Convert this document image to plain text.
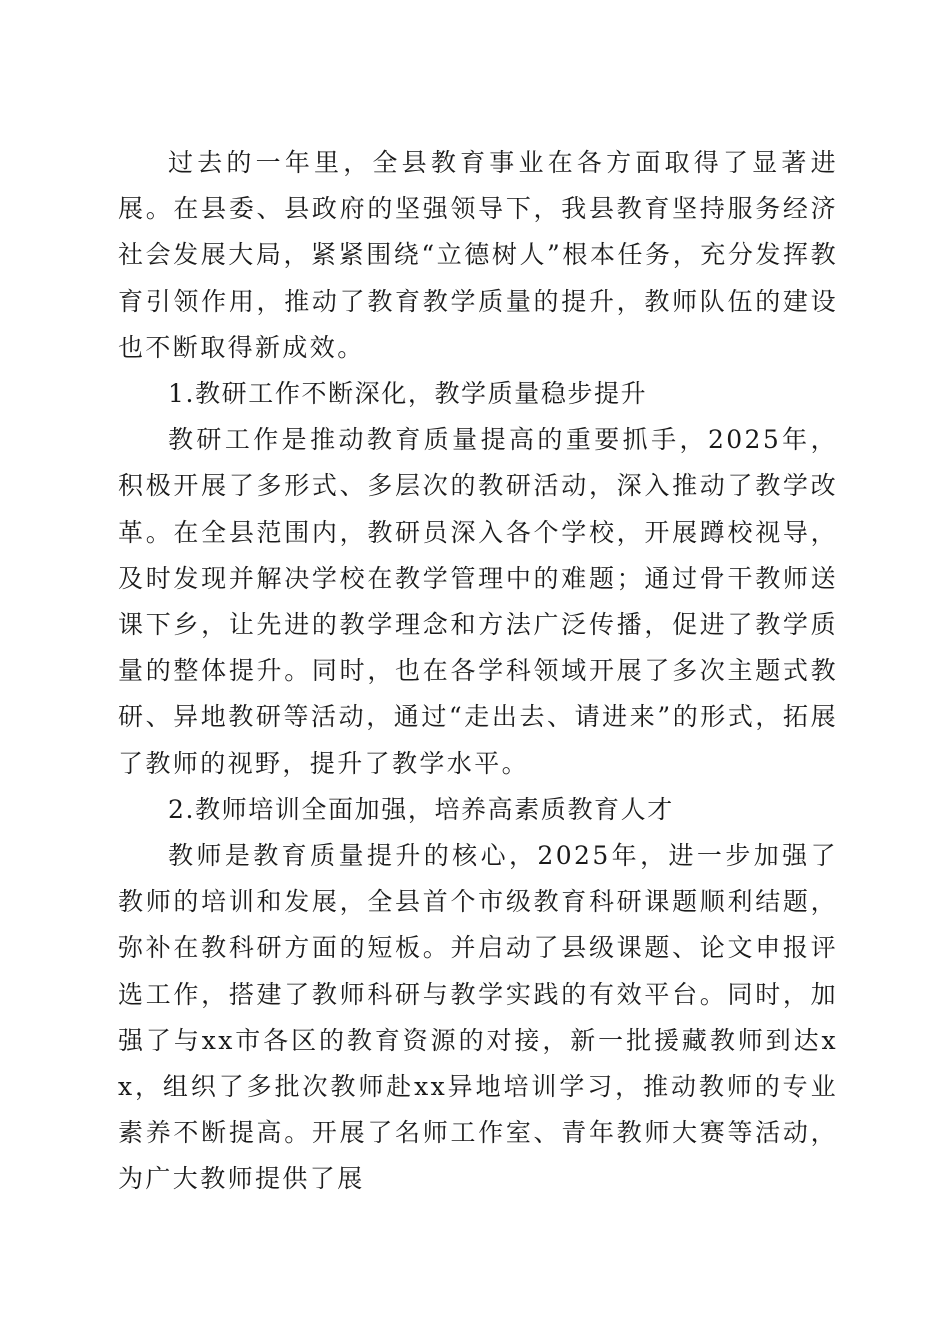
过去的一年里，全县教育事业在各方面取得了显著进展。在县委、县政府的坚强领导下，我县教育坚持服务经济社会发展大局，紧紧围绕“立德树人”根本任务，充分发挥教育引领作用，推动了教育教学质量的提升，教师队伍的建设也不断取得新成效。

1.教研工作不断深化，教学质量稳步提升

教研工作是推动教育质量提高的重要抓手，2025年，积极开展了多形式、多层次的教研活动，深入推动了教学改革。在全县范围内，教研员深入各个学校，开展蹲校视导，及时发现并解决学校在教学管理中的难题；通过骨干教师送课下乡，让先进的教学理念和方法广泛传播，促进了教学质量的整体提升。同时，也在各学科领域开展了多次主题式教研、异地教研等活动，通过“走出去、请进来”的形式，拓展了教师的视野，提升了教学水平。

2.教师培训全面加强，培养高素质教育人才

教师是教育质量提升的核心，2025年，进一步加强了教师的培训和发展，全县首个市级教育科研课题顺利结题，弥补在教科研方面的短板。并启动了县级课题、论文申报评选工作，搭建了教师科研与教学实践的有效平台。同时，加强了与xx市各区的教育资源的对接，新一批援藏教师到达xx，组织了多批次教师赴xx异地培训学习，推动教师的专业素养不断提高。开展了名师工作室、青年教师大赛等活动，为广大教师提供了展
